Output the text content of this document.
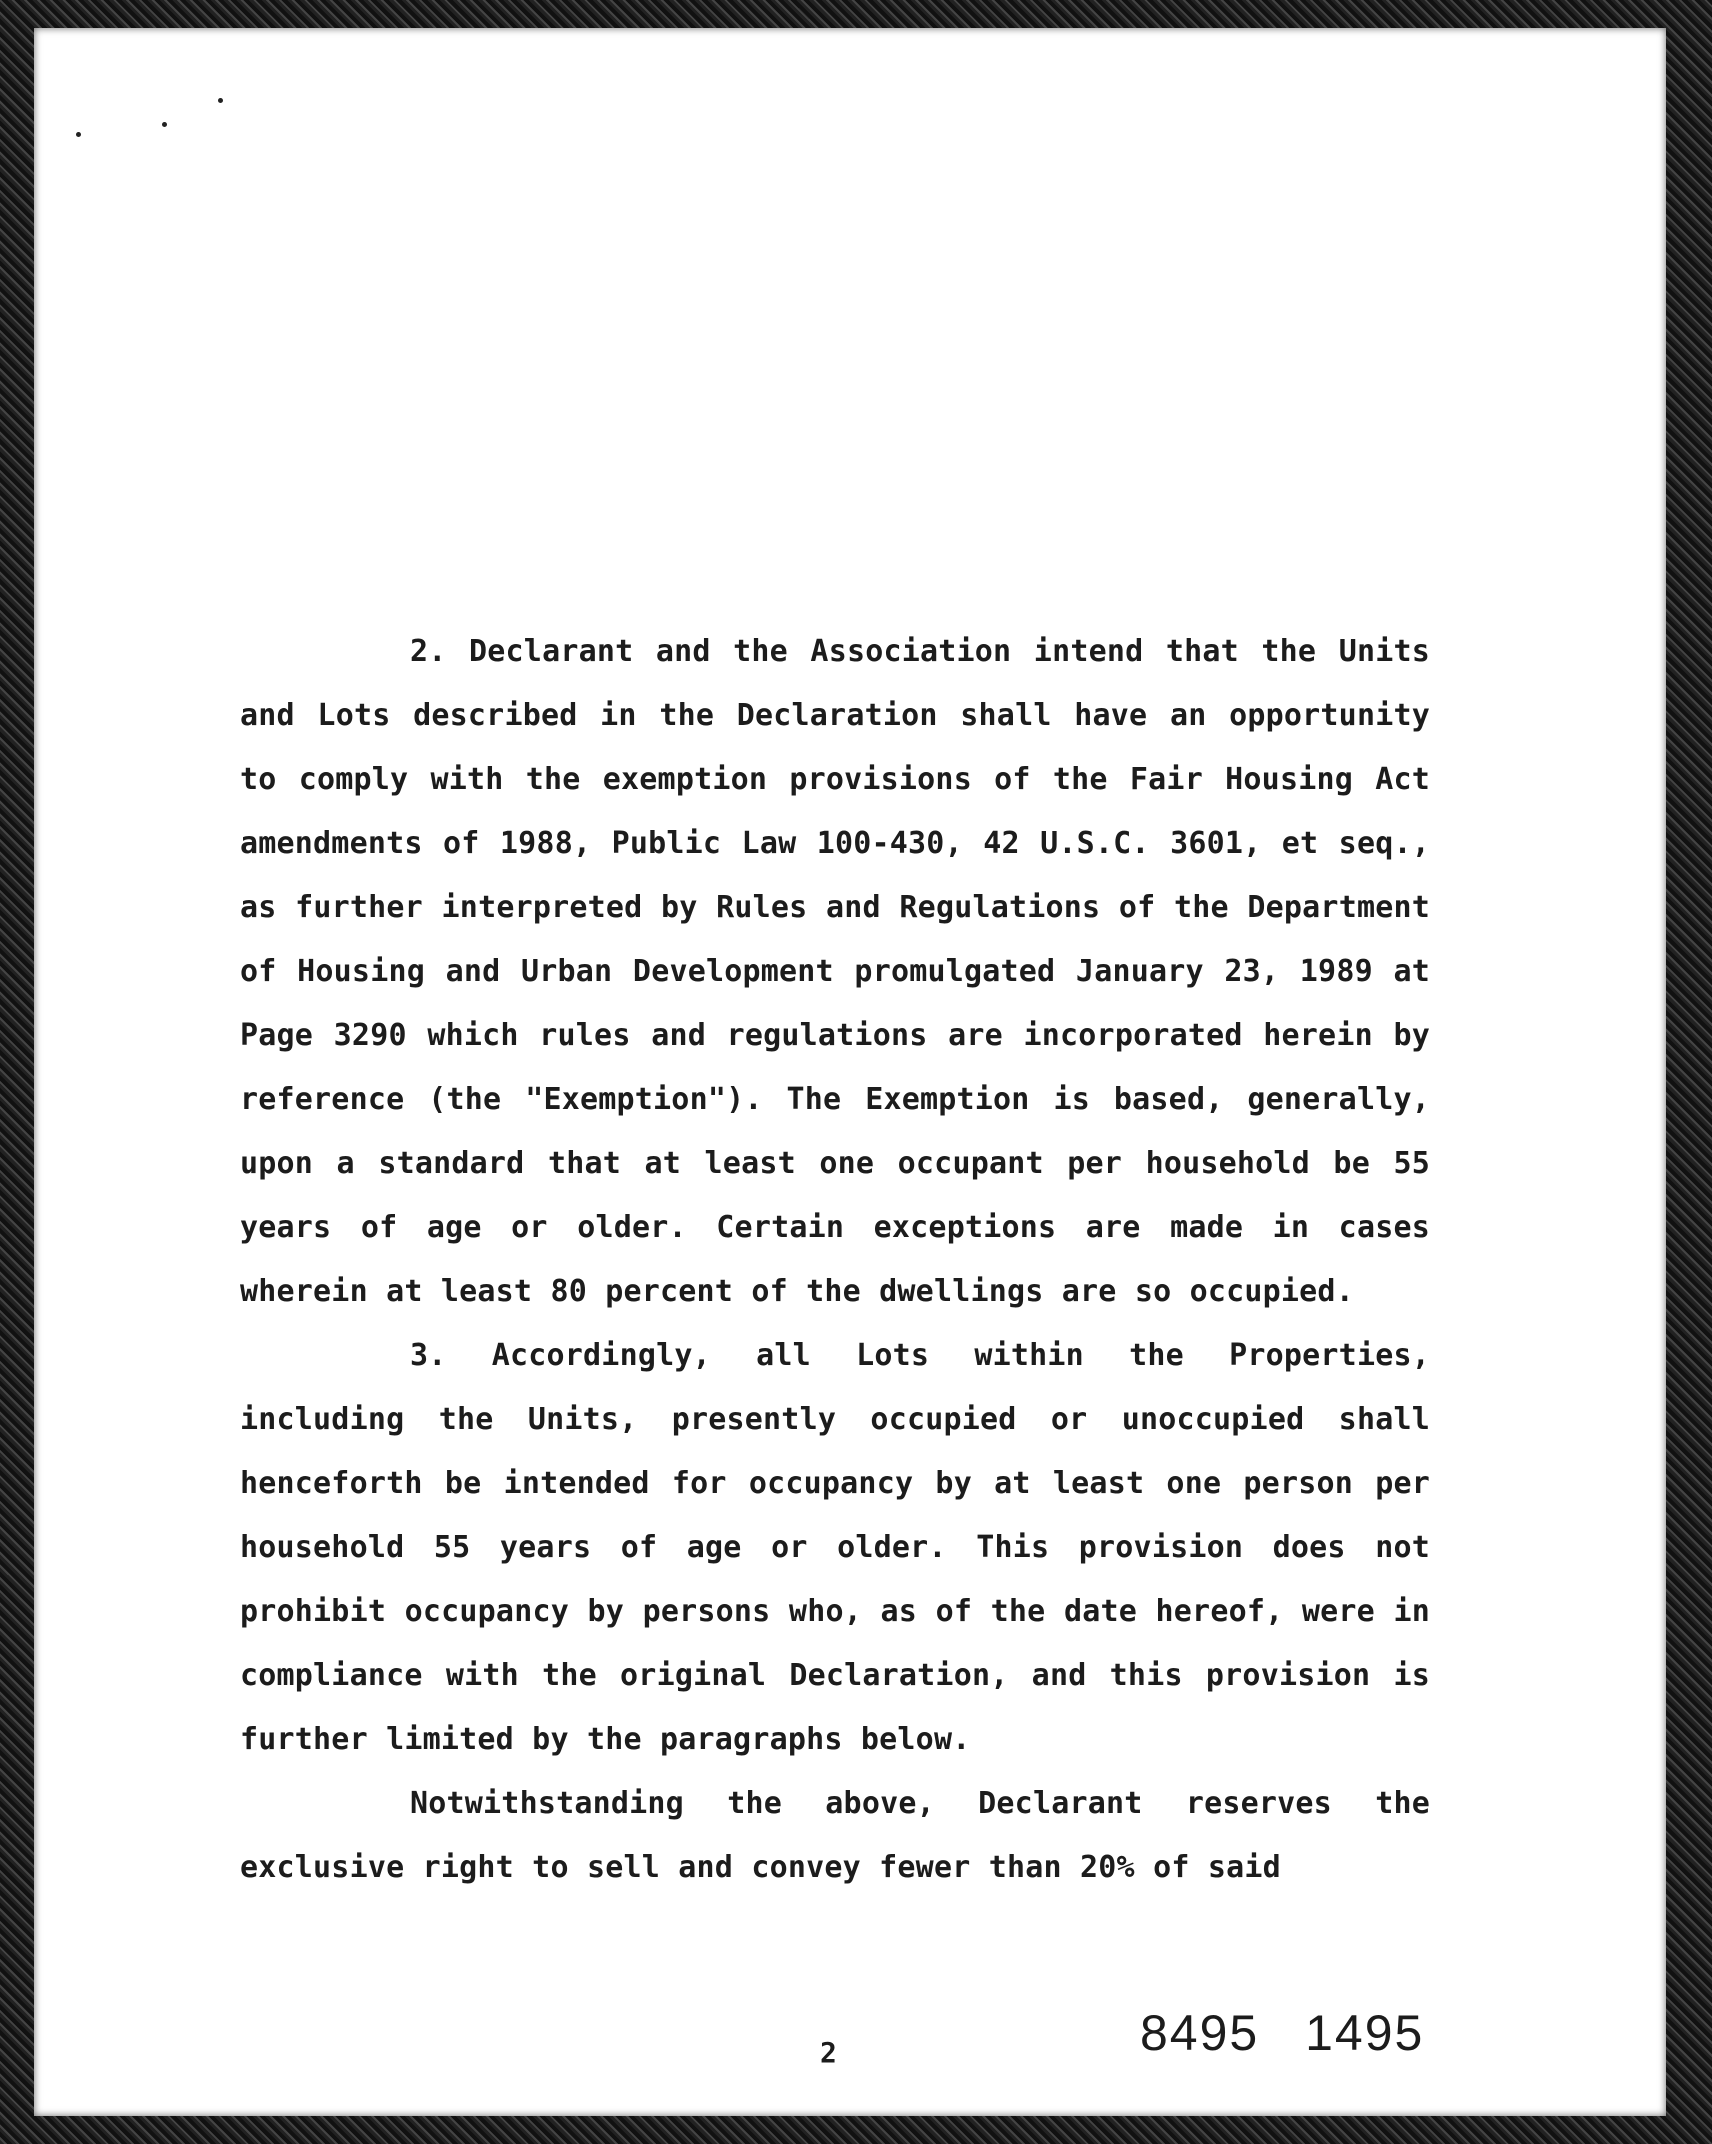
2. Declarant and the Association intend that the Units and Lots described in the Declaration shall have an opportunity to comply with the exemption provisions of the Fair Housing Act amendments of 1988, Public Law 100-430, 42 U.S.C. 3601, et seq., as further interpreted by Rules and Regulations of the Department of Housing and Urban Development promulgated January 23, 1989 at Page 3290 which rules and regulations are incorporated herein by reference (the "Exemption"). The Exemption is based, generally, upon a standard that at least one occupant per household be 55 years of age or older. Certain exceptions are made in cases wherein at least 80 percent of the dwellings are so occupied.

3. Accordingly, all Lots within the Properties, including the Units, presently occupied or unoccupied shall henceforth be intended for occupancy by at least one person per household 55 years of age or older. This provision does not prohibit occupancy by persons who, as of the date hereof, were in compliance with the original Declaration, and this provision is further limited by the paragraphs below.

Notwithstanding the above, Declarant reserves the exclusive right to sell and convey fewer than 20% of said

2	8495 1495
